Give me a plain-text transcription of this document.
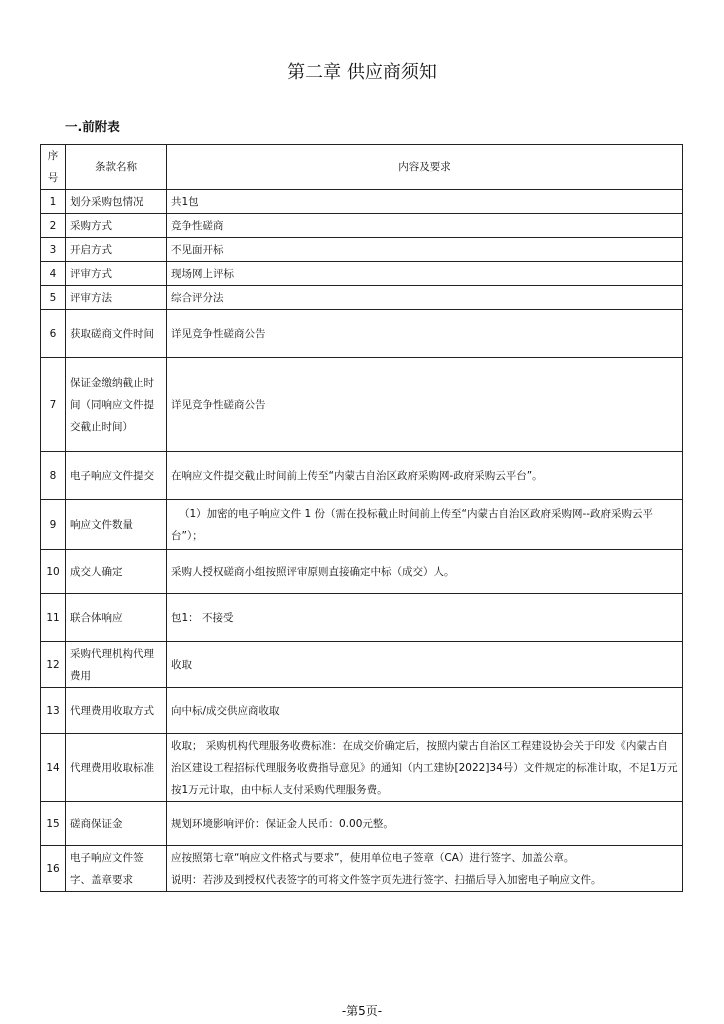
第二章 供应商须知
一.前附表
序号	条款名称	内容及要求
1	划分采购包情况	共1包

2	采购方式	竞争性磋商

3	开启方式	不见面开标

4	评审方式	现场网上评标

5	评审方法	综合评分法

6	获取磋商文件时间	详见竞争性磋商公告

7	保证金缴纳截止时间（同响应文件提交截止时间）	详见竞争性磋商公告

8	电子响应文件提交	在响应文件提交截止时间前上传至“内蒙古自治区政府采购网-政府采购云平台”。

9	响应文件数量	（1）加密的电子响应文件 1 份（需在投标截止时间前上传至“内蒙古自治区政府采购网--政府采购云平台”）；

10	成交人确定	采购人授权磋商小组按照评审原则直接确定中标（成交）人。

11	联合体响应	包1： 不接受

12	采购代理机构代理费用	收取

13	代理费用收取方式	向中标/成交供应商收取

14	代理费用收取标准	收取； 采购机构代理服务收费标准：在成交价确定后，按照内蒙古自治区工程建设协会关于印发《内蒙古自治区建设工程招标代理服务收费指导意见》的通知（内工建协[2022]34号）文件规定的标准计取，不足1万元按1万元计取，由中标人支付采购代理服务费。

15	磋商保证金	规划环境影响评价：保证金人民币：0.00元整。

16	电子响应文件签字、盖章要求	应按照第七章“响应文件格式与要求”，使用单位电子签章（CA）进行签字、加盖公章。
说明：若涉及到授权代表签字的可将文件签字页先进行签字、扫描后导入加密电子响应文件。
-第5页-
